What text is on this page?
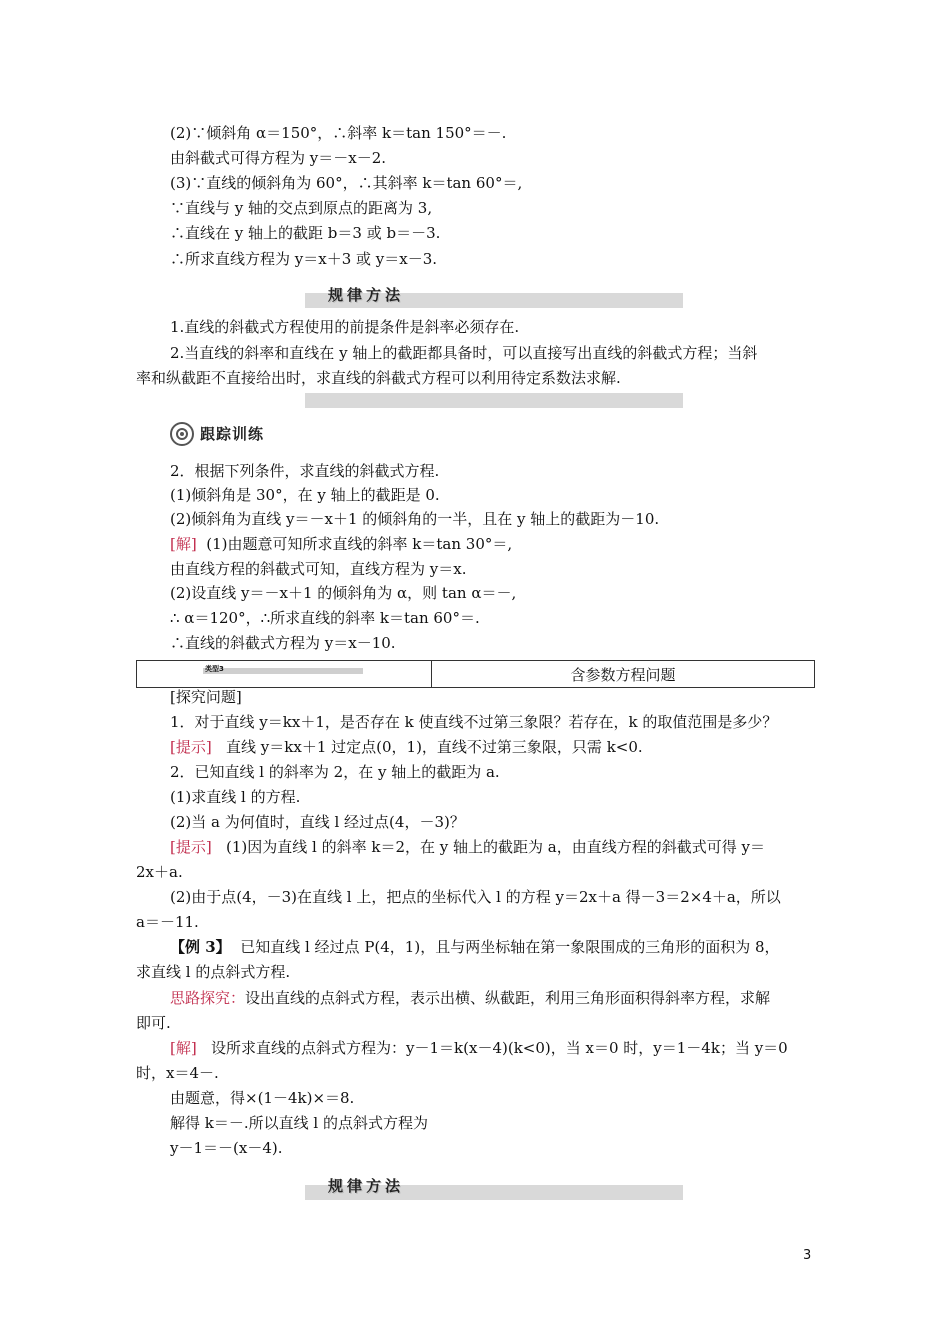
(2)∵倾斜角 α＝150°，∴斜率 k＝tan 150°＝－.
由斜截式可得方程为 y＝－x－2.
(3)∵直线的倾斜角为 60°，∴其斜率 k＝tan 60°＝,
∵直线与 y 轴的交点到原点的距离为 3,
∴直线在 y 轴上的截距 b＝3 或 b＝－3.
∴所求直线方程为 y＝x＋3 或 y＝x－3.
规律方法
1.直线的斜截式方程使用的前提条件是斜率必须存在.
2.当直线的斜率和直线在 y 轴上的截距都具备时，可以直接写出直线的斜截式方程；当斜
率和纵截距不直接给出时，求直线的斜截式方程可以利用待定系数法求解.
跟踪训练
2．根据下列条件，求直线的斜截式方程.
(1)倾斜角是 30°，在 y 轴上的截距是 0.
(2)倾斜角为直线 y＝－x＋1 的倾斜角的一半，且在 y 轴上的截距为－10.
[解] (1)由题意可知所求直线的斜率 k＝tan 30°＝,
由直线方程的斜截式可知，直线方程为 y＝x.
(2)设直线 y＝－x＋1 的倾斜角为 α，则 tan α＝－,
∴ α＝120°，∴所求直线的斜率 k＝tan 60°＝.
∴直线的斜截式方程为 y＝x－10.
类型3	含参数方程问题
[探究问题]
1．对于直线 y＝kx＋1，是否存在 k 使直线不过第三象限？若存在，k 的取值范围是多少？
[提示] 直线 y＝kx＋1 过定点(0，1)，直线不过第三象限，只需 k<0.
2．已知直线 l 的斜率为 2，在 y 轴上的截距为 a.
(1)求直线 l 的方程.
(2)当 a 为何值时，直线 l 经过点(4，－3)？
[提示] (1)因为直线 l 的斜率 k＝2，在 y 轴上的截距为 a，由直线方程的斜截式可得 y＝
2x＋a.
(2)由于点(4，－3)在直线 l 上，把点的坐标代入 l 的方程 y＝2x＋a 得－3＝2×4＋a，所以
a＝－11.
【例 3】 已知直线 l 经过点 P(4，1)，且与两坐标轴在第一象限围成的三角形的面积为 8，
求直线 l 的点斜式方程.
思路探究：设出直线的点斜式方程，表示出横、纵截距，利用三角形面积得斜率方程，求解
即可.
[解] 设所求直线的点斜式方程为：y－1＝k(x－4)(k<0)，当 x＝0 时，y＝1－4k；当 y＝0
时，x＝4－.
由题意，得×(1－4k)×＝8.
解得 k＝－.所以直线 l 的点斜式方程为
y－1＝－(x－4).
规律方法
3
